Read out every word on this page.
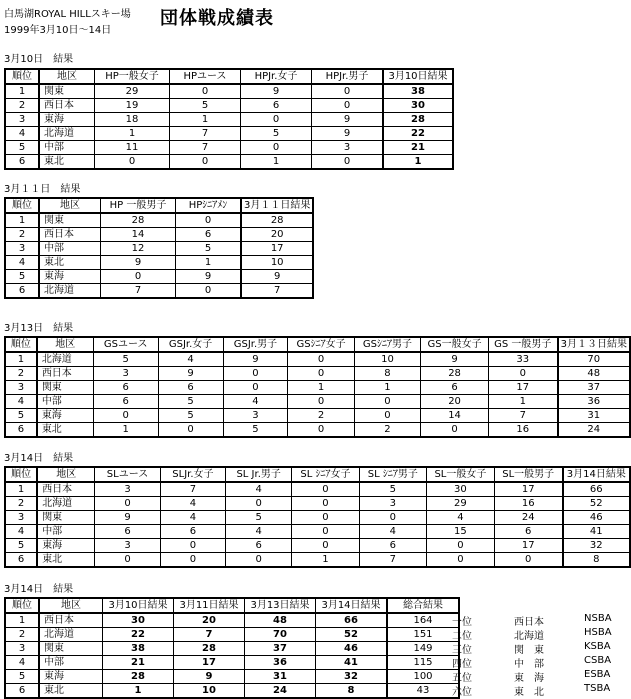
白馬湖ROYAL HILLスキー場
1999年3月10日～14日
団体戦成績表
3月10日　結果
順位	地区	HP一般女子	HPユース	HPJr.女子	HPJr.男子	3月10日結果
1	関東	29	0	9	0	38
2	西日本	19	5	6	0	30
3	東海	18	1	0	9	28
4	北海道	1	7	5	9	22
5	中部	11	7	0	3	21
6	東北	0	0	1	0	1
3月１１日　結果
順位	地区	HP 一般男子	HPｼﾆｱﾒﾝ	3月１１日結果
1	関東	28	0	28
2	西日本	14	6	20
3	中部	12	5	17
4	東北	9	1	10
5	東海	0	9	9
6	北海道	7	0	7
3月13日　結果
順位	地区	GSユース	GSJr.女子	GSJr.男子	GSｼﾆｱ女子	GSｼﾆｱ男子	GS一般女子	GS 一般男子	3月１３日結果
1	北海道	5	4	9	0	10	9	33	70
2	西日本	3	9	0	0	8	28	0	48
3	関東	6	6	0	1	1	6	17	37
4	中部	6	5	4	0	0	20	1	36
5	東海	0	5	3	2	0	14	7	31
6	東北	1	0	5	0	2	0	16	24
3月14日　結果
順位	地区	SLユース	SLJr.女子	SL Jr.男子	SL ｼﾆｱ女子	SL ｼﾆｱ男子	SL一般女子	SL一般男子	3月14日結果
1	西日本	3	7	4	0	5	30	17	66
2	北海道	0	4	0	0	3	29	16	52
3	関東	9	4	5	0	0	4	24	46
4	中部	6	6	4	0	4	15	6	41
5	東海	3	0	6	0	6	0	17	32
6	東北	0	0	0	1	7	0	0	8
3月14日　結果
順位	地区	3月10日結果	3月11日結果	3月13日結果	3月14日結果	総合結果
1	西日本	30	20	48	66	164
2	北海道	22	7	70	52	151
3	関東	38	28	37	46	149
4	中部	21	17	36	41	115
5	東海	28	9	31	32	100
6	東北	1	10	24	8	43
一位	西日本	NSBA
二位	北海道	HSBA
三位	関　東	KSBA
四位	中　部	CSBA
五位	東　海	ESBA
六位	東　北	TSBA
